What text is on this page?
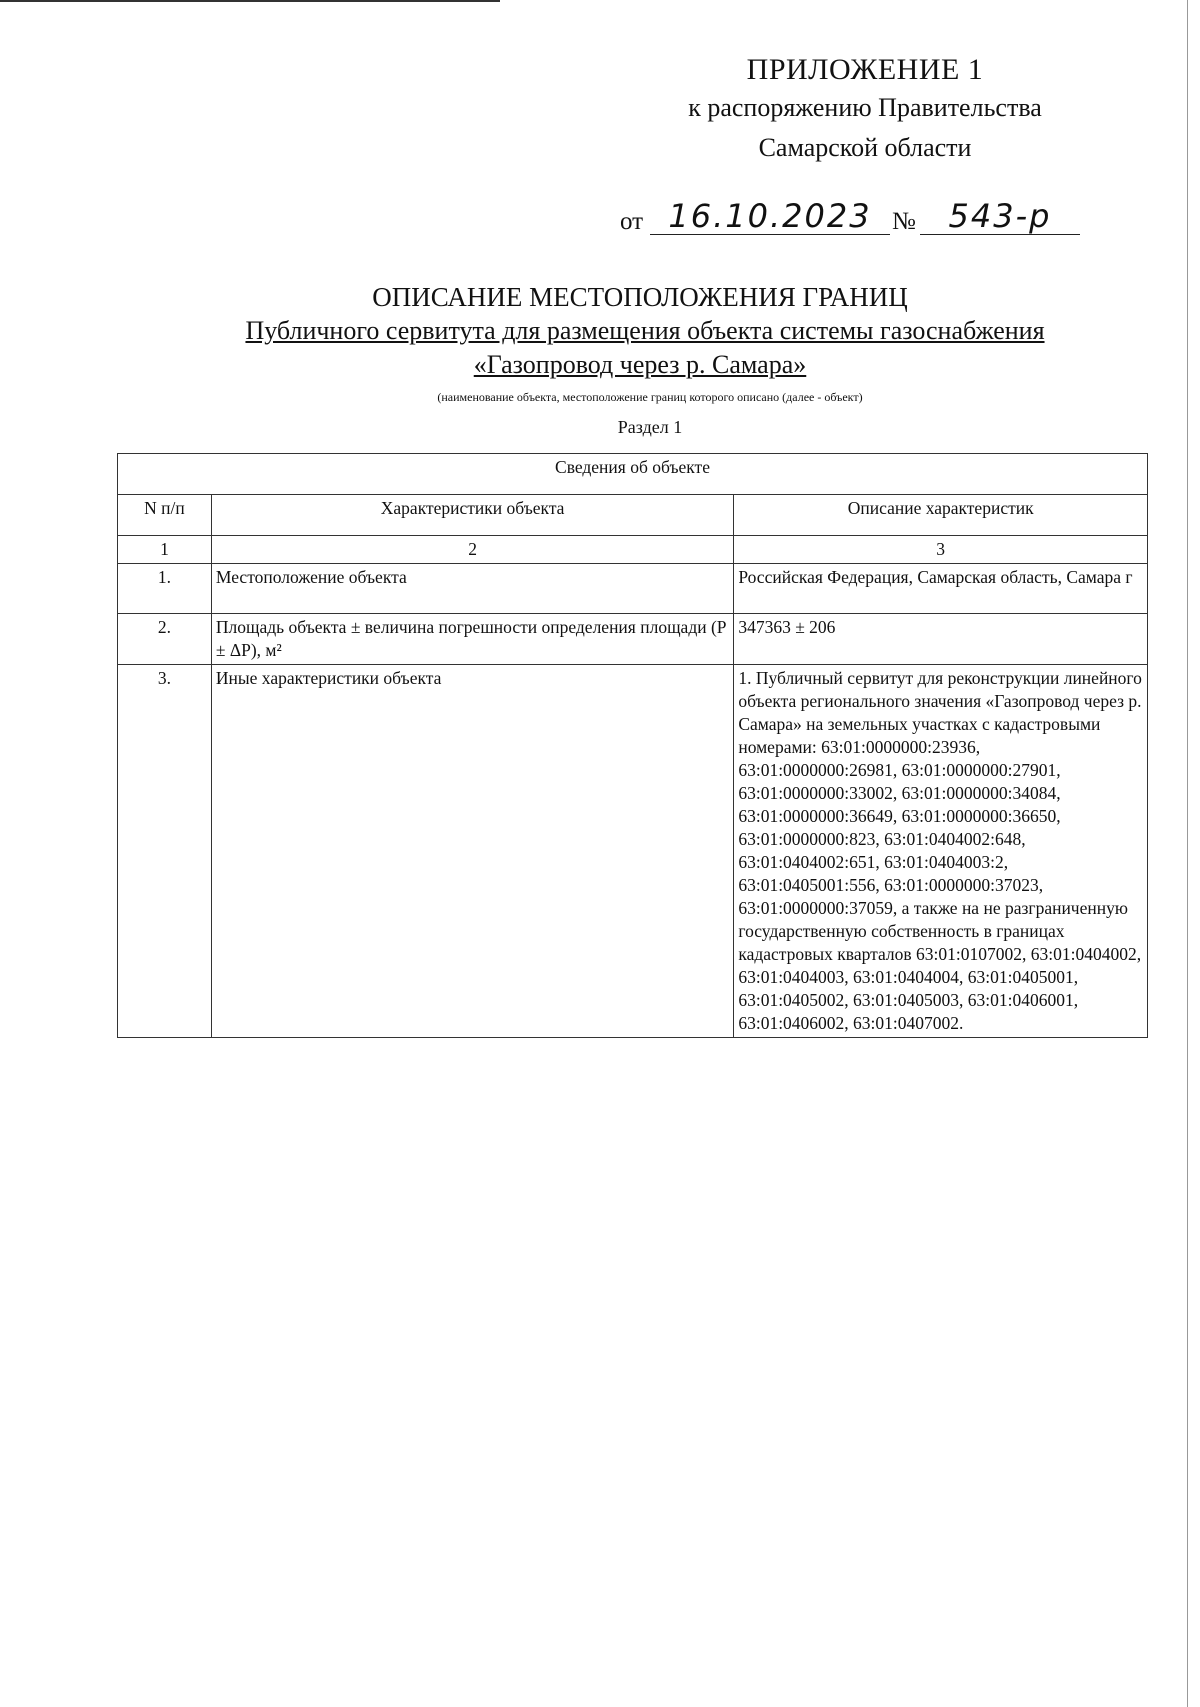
ПРИЛОЖЕНИЕ 1
к распоряжению Правительства
Самарской области
от 16.10.2023 №	543-р
ОПИСАНИЕ МЕСТОПОЛОЖЕНИЯ ГРАНИЦ
Публичного сервитута для размещения объекта системы газоснабжения
«Газопровод через р. Самара»
(наименование объекта, местоположение границ которого описано (далее - объект)
Раздел 1
Сведения об объекте		
N п/п	Характеристики объекта	Описание характеристик
1	2	3
1.	Местоположение объекта	Российская Федерация, Самарская область, Самара г
2.	Площадь объекта ± величина погрешности определения площади (P ± ΔP), м²	347363 ± 206
3.	Иные характеристики объекта	1. Публичный сервитут для реконструкции линейного объекта регионального значения «Газопровод через р. Самара» на земельных участках с кадастровыми номерами: 63:01:0000000:23936, 63:01:0000000:26981, 63:01:0000000:27901, 63:01:0000000:33002, 63:01:0000000:34084, 63:01:0000000:36649, 63:01:0000000:36650, 63:01:0000000:823, 63:01:0404002:648, 63:01:0404002:651, 63:01:0404003:2, 63:01:0405001:556, 63:01:0000000:37023, 63:01:0000000:37059, а также на не разграниченную государственную собственность в границах кадастровых кварталов 63:01:0107002, 63:01:0404002, 63:01:0404003, 63:01:0404004, 63:01:0405001, 63:01:0405002, 63:01:0405003, 63:01:0406001, 63:01:0406002, 63:01:0407002.
